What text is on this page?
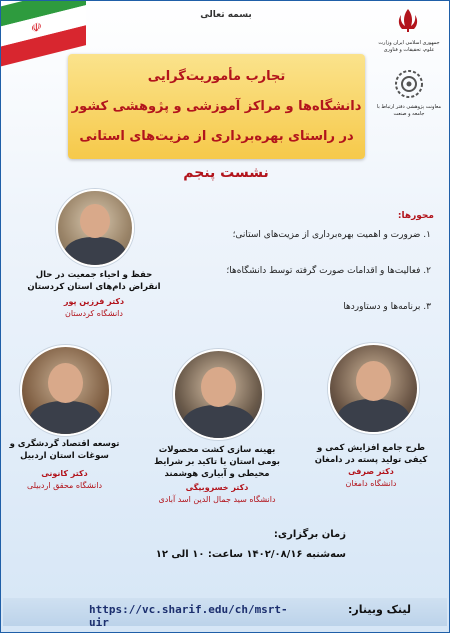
☫

بسمه تعالی

جمهوری اسلامی ایران وزارت علوم، تحقیقات و فناوری

معاونت پژوهشی دفتر ارتباط با جامعه و صنعت

تجارب مأموریت‌گرایی

دانشگاه‌ها و مراکز آموزشی و پژوهشی کشور

در راستای بهره‌برداری از مزیت‌های استانی

نشست پنجم

محورها:

۱. ضرورت و اهمیت بهره‌برداری از مزیت‌های استانی؛

۲. فعالیت‌ها و اقدامات صورت گرفته توسط دانشگاه‌ها؛

۳. برنامه‌ها و دستاوردها

حفظ و احیاء جمعیت در حال انقراض دام‌های استان کردستان

دکتر فرزین پور

دانشگاه کردستان

توسعه اقتصاد گردشگری و سوغات استان اردبیل

دکتر کانونی

دانشگاه محقق اردبیلی

بهینه سازی کشت محصولات بومی استان با تاکید بر شرایط محیطی و آبیاری هوشمند

دکتر خسروبیگی

دانشگاه سید جمال الدین اسد آبادی

طرح جامع افزایش کمی و کیفی تولید پسته در دامغان

دکتر صرفی

دانشگاه دامغان

زمان برگزاری:

سه‌شنبه ۱۴۰۲/۰۸/۱۶ ساعت: ۱۰ الی ۱۲

لینک وبینار:

https://vc.sharif.edu/ch/msrt-uir
